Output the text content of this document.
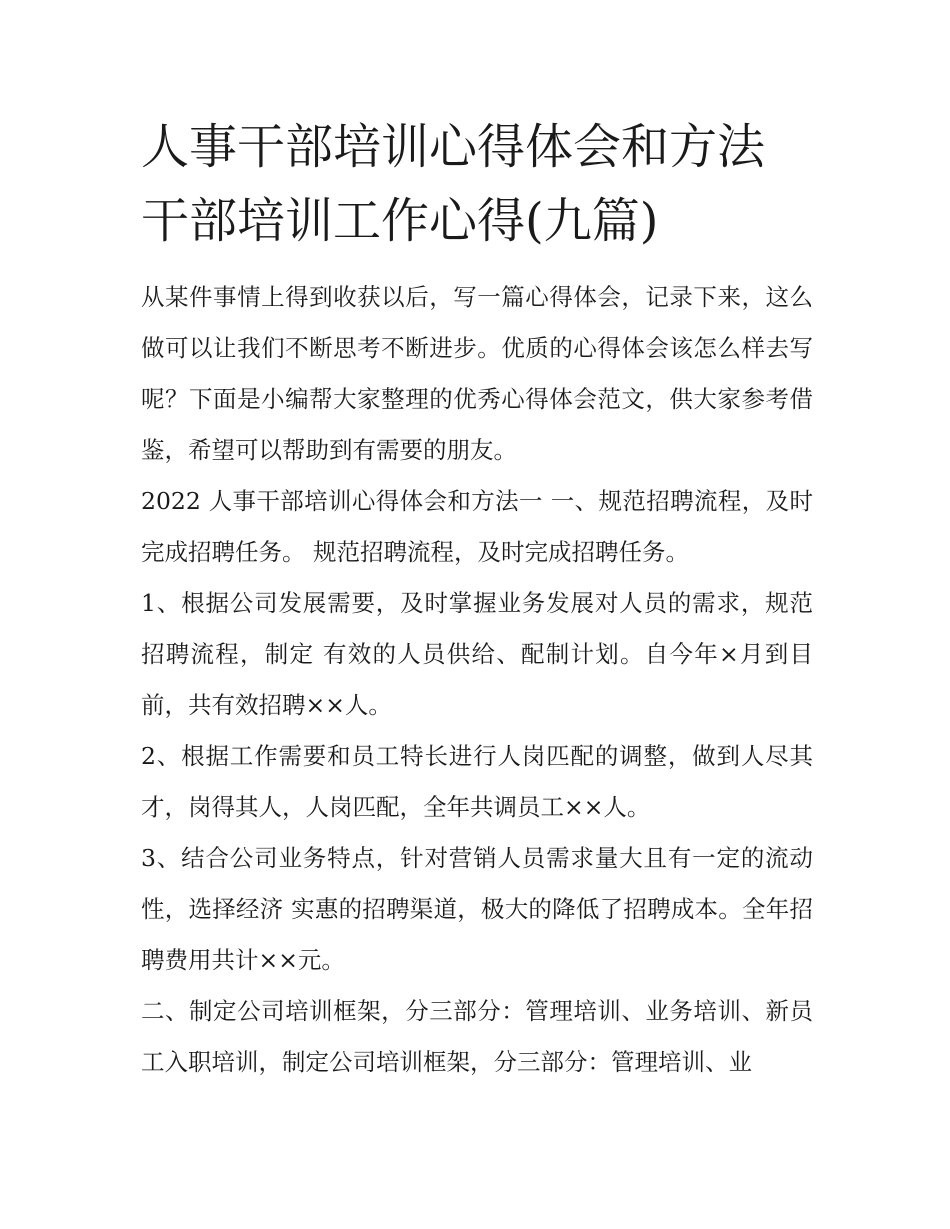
人事干部培训心得体会和方法
干部培训工作心得(九篇)

从某件事情上得到收获以后，写一篇心得体会，记录下来，这么做可以让我们不断思考不断进步。优质的心得体会该怎么样去写呢？下面是小编帮大家整理的优秀心得体会范文，供大家参考借鉴，希望可以帮助到有需要的朋友。

2022 人事干部培训心得体会和方法一 一、规范招聘流程，及时完成招聘任务。 规范招聘流程，及时完成招聘任务。

1、根据公司发展需要，及时掌握业务发展对人员的需求，规范招聘流程，制定 有效的人员供给、配制计划。自今年×月到目前，共有效招聘××人。

2、根据工作需要和员工特长进行人岗匹配的调整，做到人尽其才，岗得其人，人岗匹配，全年共调员工××人。

3、结合公司业务特点，针对营销人员需求量大且有一定的流动性，选择经济 实惠的招聘渠道，极大的降低了招聘成本。全年招聘费用共计××元。

二、制定公司培训框架，分三部分：管理培训、业务培训、新员工入职培训，制定公司培训框架，分三部分：管理培训、业
